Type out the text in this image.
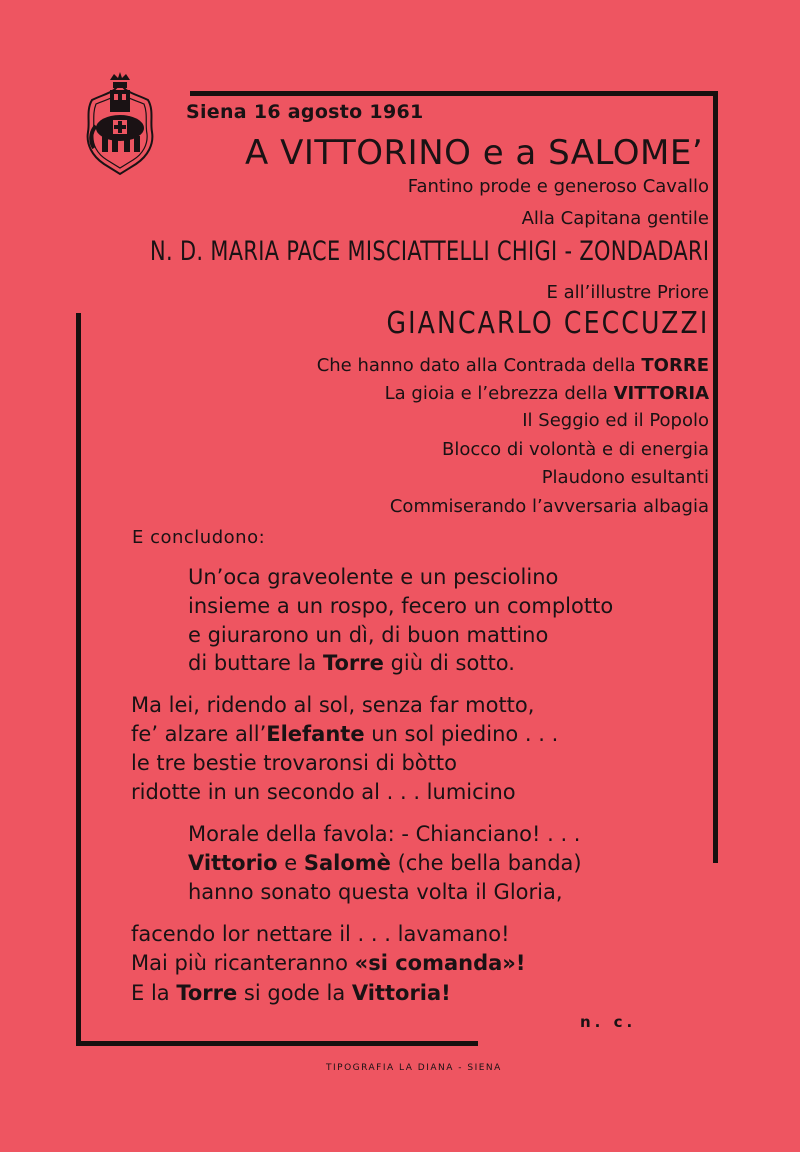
Siena 16 agosto 1961
A VITTORINO e a SALOME’
Fantino prode e generoso Cavallo
Alla Capitana gentile
N. D. MARIA PACE MISCIATTELLI CHIGI - ZONDADARI
E all’illustre Priore
GIANCARLO CECCUZZI
Che hanno dato alla Contrada della TORRE
La gioia e l’ebrezza della VITTORIA
Il Seggio ed il Popolo
Blocco di volontà e di energia
Plaudono esultanti
Commiserando l’avversaria albagia
E concludono:
Un’oca graveolente e un pesciolino
insieme a un rospo, fecero un complotto
e giurarono un dì, di buon mattino
di buttare la Torre giù di sotto.
Ma lei, ridendo al sol, senza far motto,
fe’ alzare all’Elefante un sol piedino . . .
le tre bestie trovaronsi di bòtto
ridotte in un secondo al . . . lumicino
Morale della favola: - Chianciano! . . .
Vittorio e Salomè (che bella banda)
hanno sonato questa volta il Gloria,
facendo lor nettare il . . . lavamano!
Mai più ricanteranno «si comanda»!
E la Torre si gode la Vittoria!
n. c.
TIPOGRAFIA LA DIANA - SIENA
